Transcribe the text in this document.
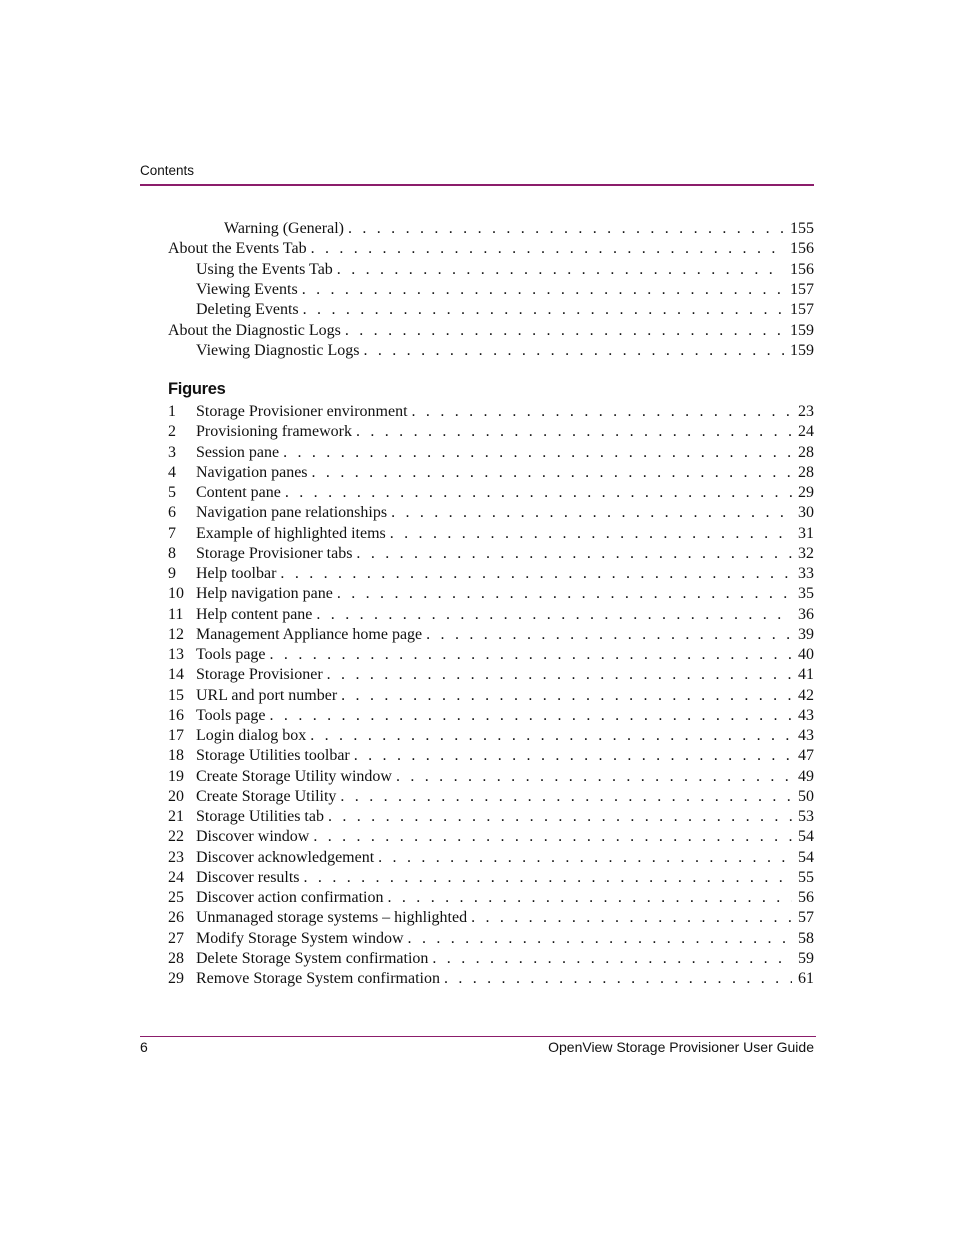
Contents
Warning (General) . . .	155
About the Events Tab . . .	156
Using the Events Tab . . .	156
Viewing Events . . .	157
Deleting Events . . .	157
About the Diagnostic Logs . . .	159
Viewing Diagnostic Logs . . .	159
Figures
1	Storage Provisioner environment . . .	23
2	Provisioning framework . . .	24
3	Session pane . . .	28
4	Navigation panes . . .	28
5	Content pane . . .	29
6	Navigation pane relationships . . .	30
7	Example of highlighted items . . .	31
8	Storage Provisioner tabs . . .	32
9	Help toolbar . . .	33
10 Help navigation pane . . .	35
11 Help content pane . . .	36
12 Management Appliance home page . . .	39
13 Tools page . . .	40
14 Storage Provisioner . . .	41
15 URL and port number . . .	42
16 Tools page . . .	43
17 Login dialog box . . .	43
18 Storage Utilities toolbar . . .	47
19 Create Storage Utility window . . .	49
20 Create Storage Utility . . .	50
21 Storage Utilities tab . . .	53
22 Discover window . . .	54
23 Discover acknowledgement . . .	54
24 Discover results . . .	55
25 Discover action confirmation . . .	56
26 Unmanaged storage systems – highlighted . . .	57
27 Modify Storage System window . . .	58
28 Delete Storage System confirmation . . .	59
29 Remove Storage System confirmation . . .	61
6	OpenView Storage Provisioner User Guide
